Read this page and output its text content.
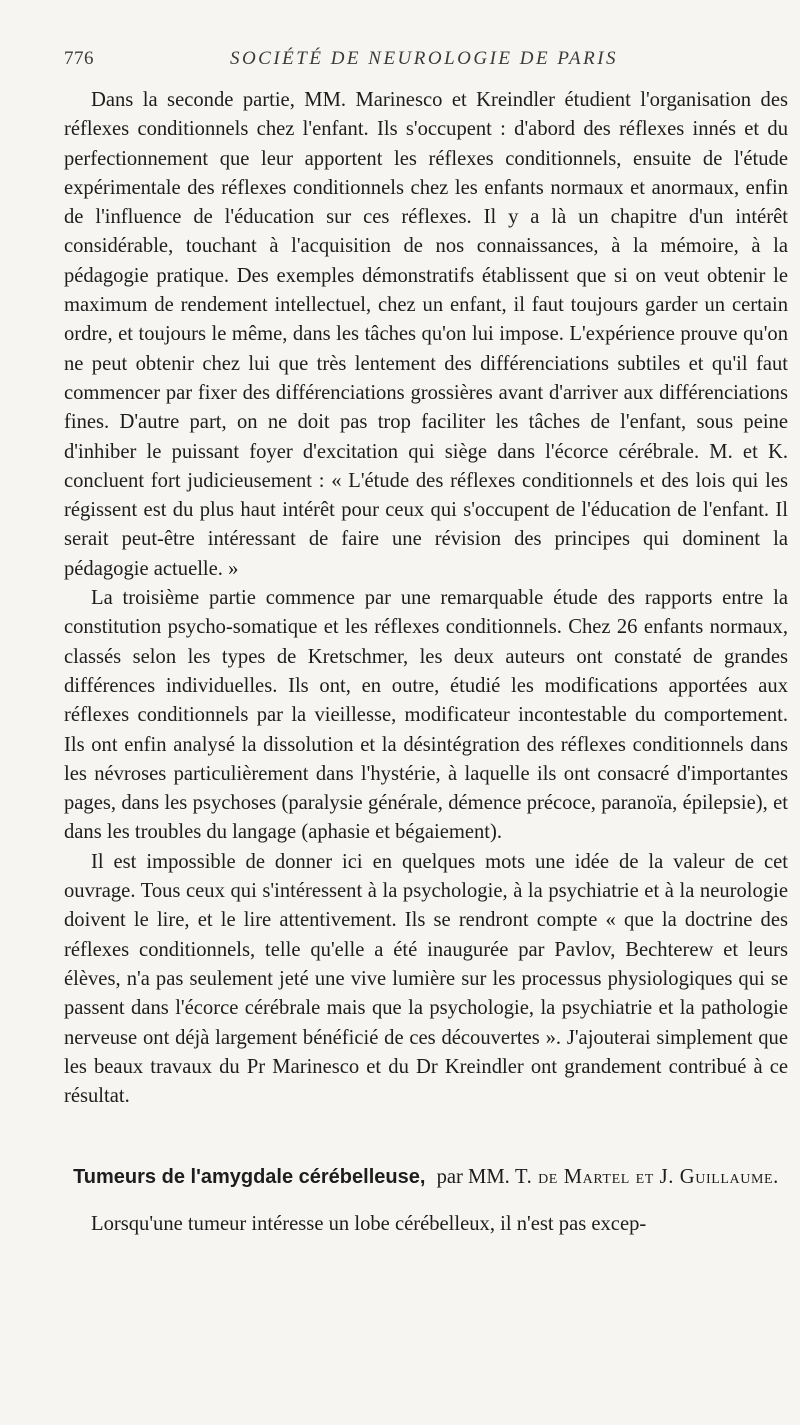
776	SOCIÉTÉ DE NEUROLOGIE DE PARIS

Dans la seconde partie, MM. Marinesco et Kreindler étudient l'organisation des réflexes conditionnels chez l'enfant. Ils s'occupent : d'abord des réflexes innés et du perfectionnement que leur apportent les réflexes conditionnels, ensuite de l'étude expérimentale des réflexes conditionnels chez les enfants normaux et anormaux, enfin de l'influence de l'éducation sur ces réflexes. Il y a là un chapitre d'un intérêt considérable, touchant à l'acquisition de nos connaissances, à la mémoire, à la pédagogie pratique. Des exemples démonstratifs établissent que si on veut obtenir le maximum de rendement intellectuel, chez un enfant, il faut toujours garder un certain ordre, et toujours le même, dans les tâches qu'on lui impose. L'expérience prouve qu'on ne peut obtenir chez lui que très lentement des différenciations subtiles et qu'il faut commencer par fixer des différenciations grossières avant d'arriver aux différenciations fines. D'autre part, on ne doit pas trop faciliter les tâches de l'enfant, sous peine d'inhiber le puissant foyer d'excitation qui siège dans l'écorce cérébrale. M. et K. concluent fort judicieusement : « L'étude des réflexes conditionnels et des lois qui les régissent est du plus haut intérêt pour ceux qui s'occupent de l'éducation de l'enfant. Il serait peut-être intéressant de faire une révision des principes qui dominent la pédagogie actuelle. »

La troisième partie commence par une remarquable étude des rapports entre la constitution psycho-somatique et les réflexes conditionnels. Chez 26 enfants normaux, classés selon les types de Kretschmer, les deux auteurs ont constaté de grandes différences individuelles. Ils ont, en outre, étudié les modifications apportées aux réflexes conditionnels par la vieillesse, modificateur incontestable du comportement. Ils ont enfin analysé la dissolution et la désintégration des réflexes conditionnels dans les névroses particulièrement dans l'hystérie, à laquelle ils ont consacré d'importantes pages, dans les psychoses (paralysie générale, démence précoce, paranoïa, épilepsie), et dans les troubles du langage (aphasie et bégaiement).

Il est impossible de donner ici en quelques mots une idée de la valeur de cet ouvrage. Tous ceux qui s'intéressent à la psychologie, à la psychiatrie et à la neurologie doivent le lire, et le lire attentivement. Ils se rendront compte « que la doctrine des réflexes conditionnels, telle qu'elle a été inaugurée par Pavlov, Bechterew et leurs élèves, n'a pas seulement jeté une vive lumière sur les processus physiologiques qui se passent dans l'écorce cérébrale mais que la psychologie, la psychiatrie et la pathologie nerveuse ont déjà largement bénéficié de ces découvertes ». J'ajouterai simplement que les beaux travaux du Pr Marinesco et du Dr Kreindler ont grandement contribué à ce résultat.

Tumeurs de l'amygdale cérébelleuse, par MM. T. de Martel et J. Guillaume.

Lorsqu'une tumeur intéresse un lobe cérébelleux, il n'est pas excep-
